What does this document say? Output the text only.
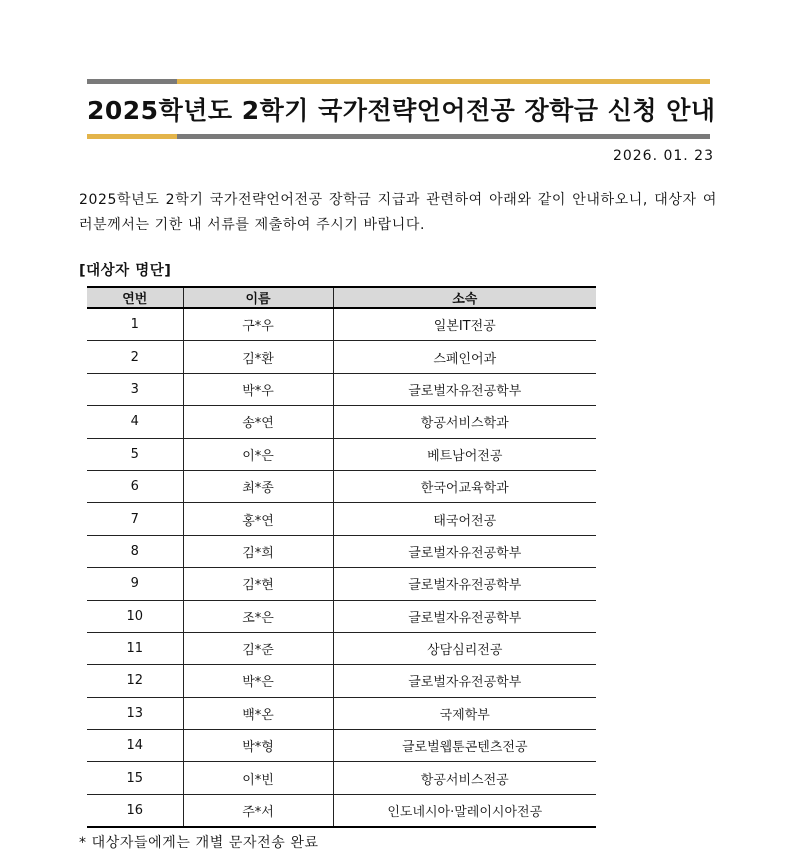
2025학년도 2학기 국가전략언어전공 장학금 신청 안내
2026. 01. 23
2025학년도 2학기 국가전략언어전공 장학금 지급과 관련하여 아래와 같이 안내하오니, 대상자 여러분께서는 기한 내 서류를 제출하여 주시기 바랍니다.
[대상자 명단]
연번	이름	소속
1	구*우	일본IT전공
2	김*환	스페인어과
3	박*우	글로벌자유전공학부
4	송*연	항공서비스학과
5	이*은	베트남어전공
6	최*종	한국어교육학과
7	홍*연	태국어전공
8	김*희	글로벌자유전공학부
9	김*현	글로벌자유전공학부
10	조*은	글로벌자유전공학부
11	김*준	상담심리전공
12	박*은	글로벌자유전공학부
13	백*온	국제학부
14	박*형	글로벌웹툰콘텐츠전공
15	이*빈	항공서비스전공
16	주*서	인도네시아·말레이시아전공
* 대상자들에게는 개별 문자전송 완료
